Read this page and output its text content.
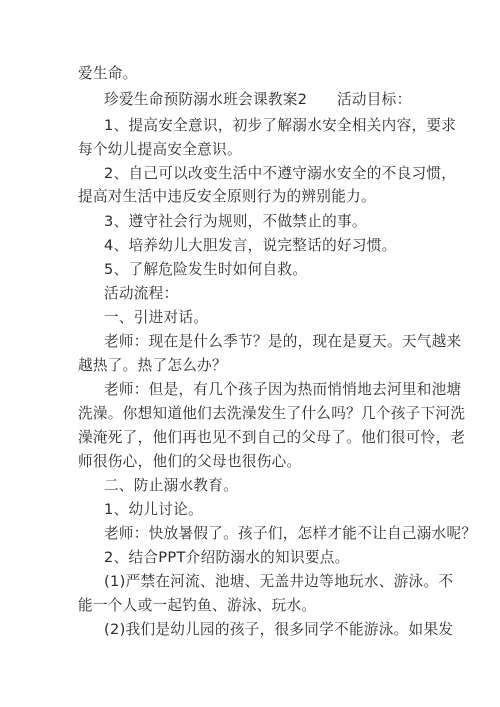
爱生命。
珍爱生命预防溺水班会课教案2　　活动目标：
1、提高安全意识，初步了解溺水安全相关内容，要求
每个幼儿提高安全意识。
2、自己可以改变生活中不遵守溺水安全的不良习惯，
提高对生活中违反安全原则行为的辨别能力。
3、遵守社会行为规则，不做禁止的事。
4、培养幼儿大胆发言，说完整话的好习惯。
5、了解危险发生时如何自救。
活动流程：
一、引进对话。
老师：现在是什么季节？是的，现在是夏天。天气越来
越热了。热了怎么办？
老师：但是，有几个孩子因为热而悄悄地去河里和池塘
洗澡。你想知道他们去洗澡发生了什么吗？几个孩子下河洗
澡淹死了，他们再也见不到自己的父母了。他们很可怜，老
师很伤心，他们的父母也很伤心。
二、防止溺水教育。
1、幼儿讨论。
老师：快放暑假了。孩子们，怎样才能不让自己溺水呢？
2、结合PPT介绍防溺水的知识要点。
(1)严禁在河流、池塘、无盖井边等地玩水、游泳。不
能一个人或一起钓鱼、游泳、玩水。
(2)我们是幼儿园的孩子，很多同学不能游泳。如果发
